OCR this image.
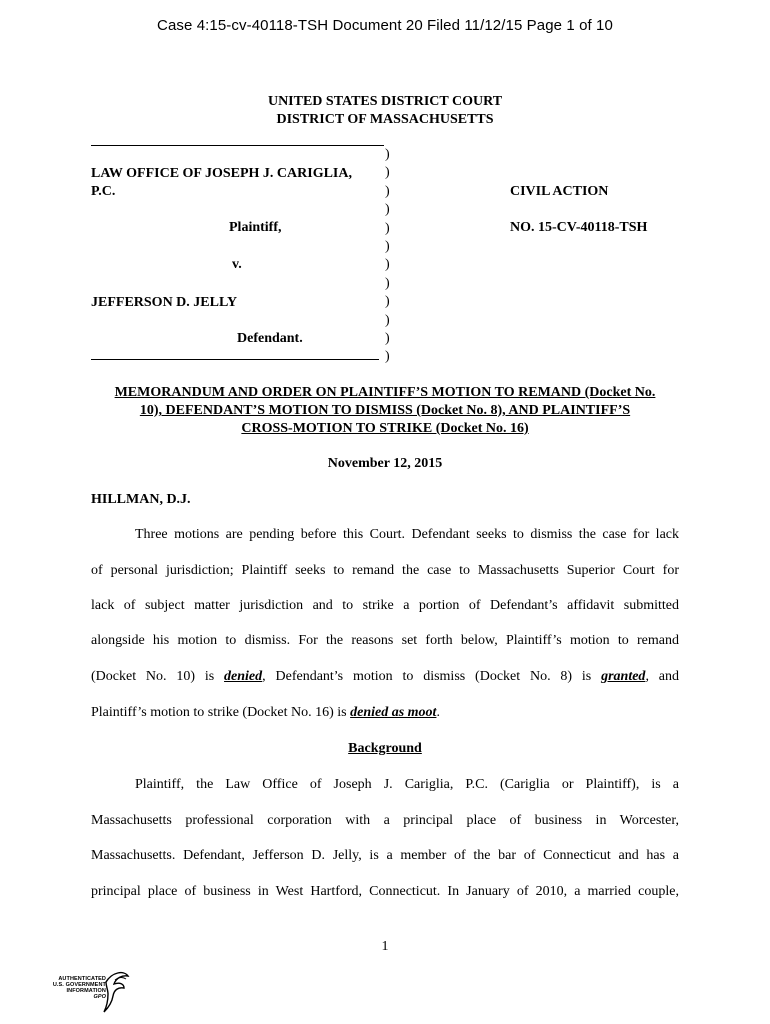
Case 4:15-cv-40118-TSH Document 20 Filed 11/12/15 Page 1 of 10
UNITED STATES DISTRICT COURT
DISTRICT OF MASSACHUSETTS
LAW OFFICE OF JOSEPH J. CARIGLIA,
P.C.
Plaintiff,
v.
JEFFERSON D. JELLY
Defendant.
)
)
)
)
)
)
)
)
)
)
)
)
CIVIL ACTION
NO. 15-CV-40118-TSH
MEMORANDUM AND ORDER ON PLAINTIFF’S MOTION TO REMAND (Docket No.
10), DEFENDANT’S MOTION TO DISMISS (Docket No. 8), AND PLAINTIFF’S
CROSS-MOTION TO STRIKE (Docket No. 16)
November 12, 2015
HILLMAN, D.J.
Three motions are pending before this Court. Defendant seeks to dismiss the case for lack
of personal jurisdiction; Plaintiff seeks to remand the case to Massachusetts Superior Court for
lack of subject matter jurisdiction and to strike a portion of Defendant’s affidavit submitted
alongside his motion to dismiss. For the reasons set forth below, Plaintiff’s motion to remand
(Docket No. 10) is denied, Defendant’s motion to dismiss (Docket No. 8) is granted, and
Plaintiff’s motion to strike (Docket No. 16) is denied as moot.
Background
Plaintiff, the Law Office of Joseph J. Cariglia, P.C. (Cariglia or Plaintiff), is a
Massachusetts professional corporation with a principal place of business in Worcester,
Massachusetts. Defendant, Jefferson D. Jelly, is a member of the bar of Connecticut and has a
principal place of business in West Hartford, Connecticut. In January of 2010, a married couple,
1
AUTHENTICATED
U.S. GOVERNMENT
INFORMATION
GPO
